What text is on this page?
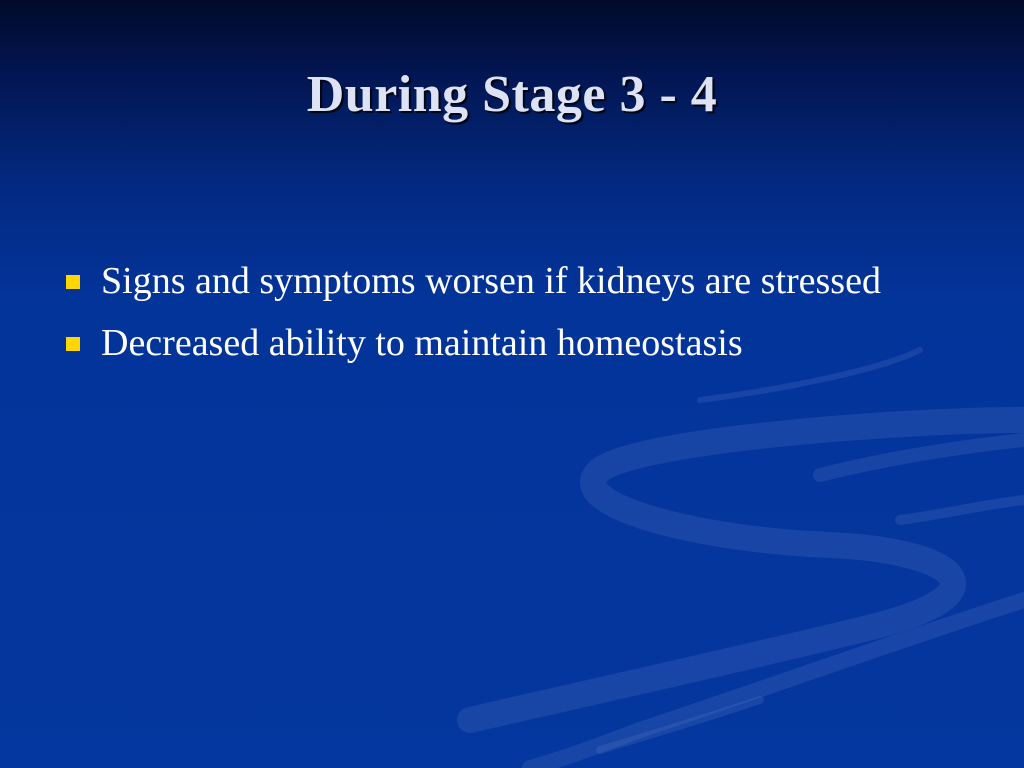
During Stage 3 - 4
Signs and symptoms worsen if kidneys are stressed
Decreased ability to maintain homeostasis
